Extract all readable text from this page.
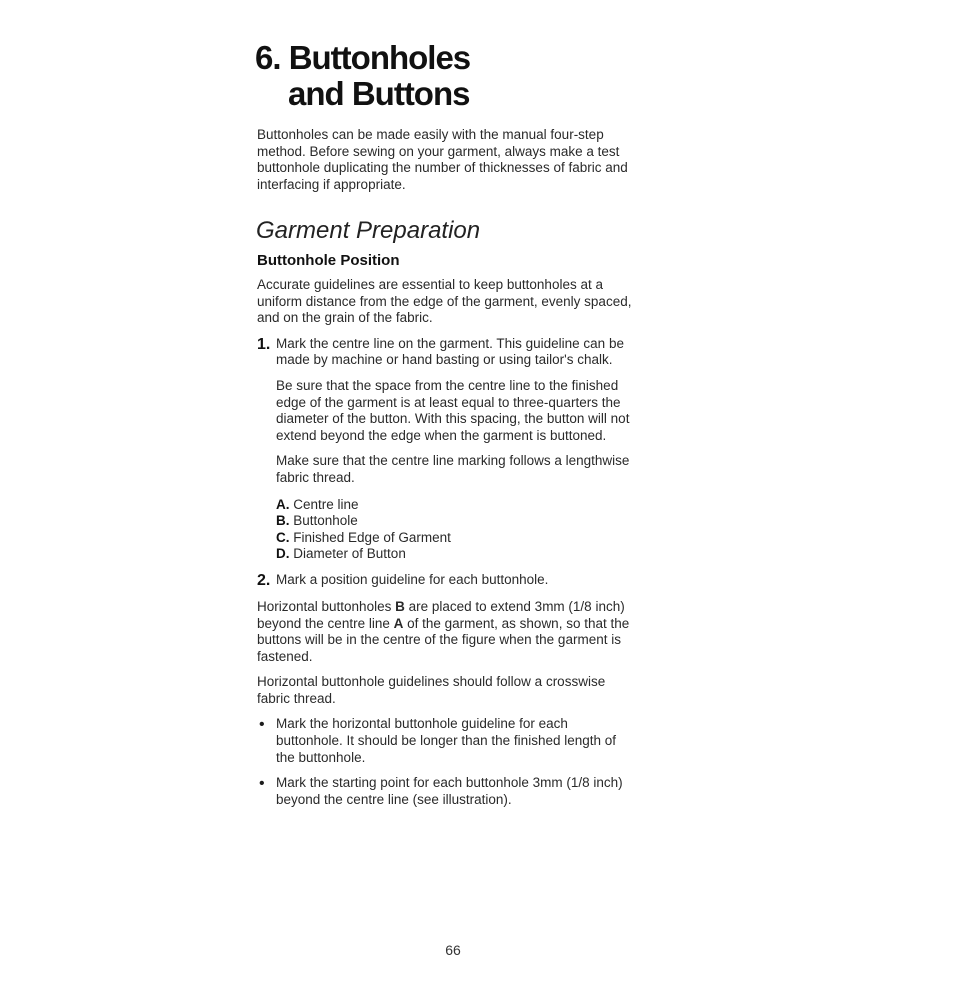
6. Buttonholes
and Buttons

Buttonholes can be made easily with the manual four-step method. Before sewing on your garment, always make a test buttonhole duplicating the number of thicknesses of fabric and interfacing if appropriate.

Garment Preparation
Buttonhole Position

Accurate guidelines are essential to keep buttonholes at a uniform distance from the edge of the garment, evenly spaced, and on the grain of the fabric.

1. Mark the centre line on the garment. This guideline can be made by machine or hand basting or using tailor's chalk.

Be sure that the space from the centre line to the finished edge of the garment is at least equal to three-quarters the diameter of the button. With this spacing, the button will not extend beyond the edge when the garment is buttoned.

Make sure that the centre line marking follows a lengthwise fabric thread.

A. Centre line
B. Buttonhole
C. Finished Edge of Garment
D. Diameter of Button
2. Mark a position guideline for each buttonhole.

Horizontal buttonholes B are placed to extend 3mm (1/8 inch) beyond the centre line A of the garment, as shown, so that the buttons will be in the centre of the figure when the garment is fastened.

Horizontal buttonhole guidelines should follow a crosswise fabric thread.

• Mark the horizontal buttonhole guideline for each buttonhole. It should be longer than the finished length of the buttonhole.

• Mark the starting point for each buttonhole 3mm (1/8 inch) beyond the centre line (see illustration).

66
